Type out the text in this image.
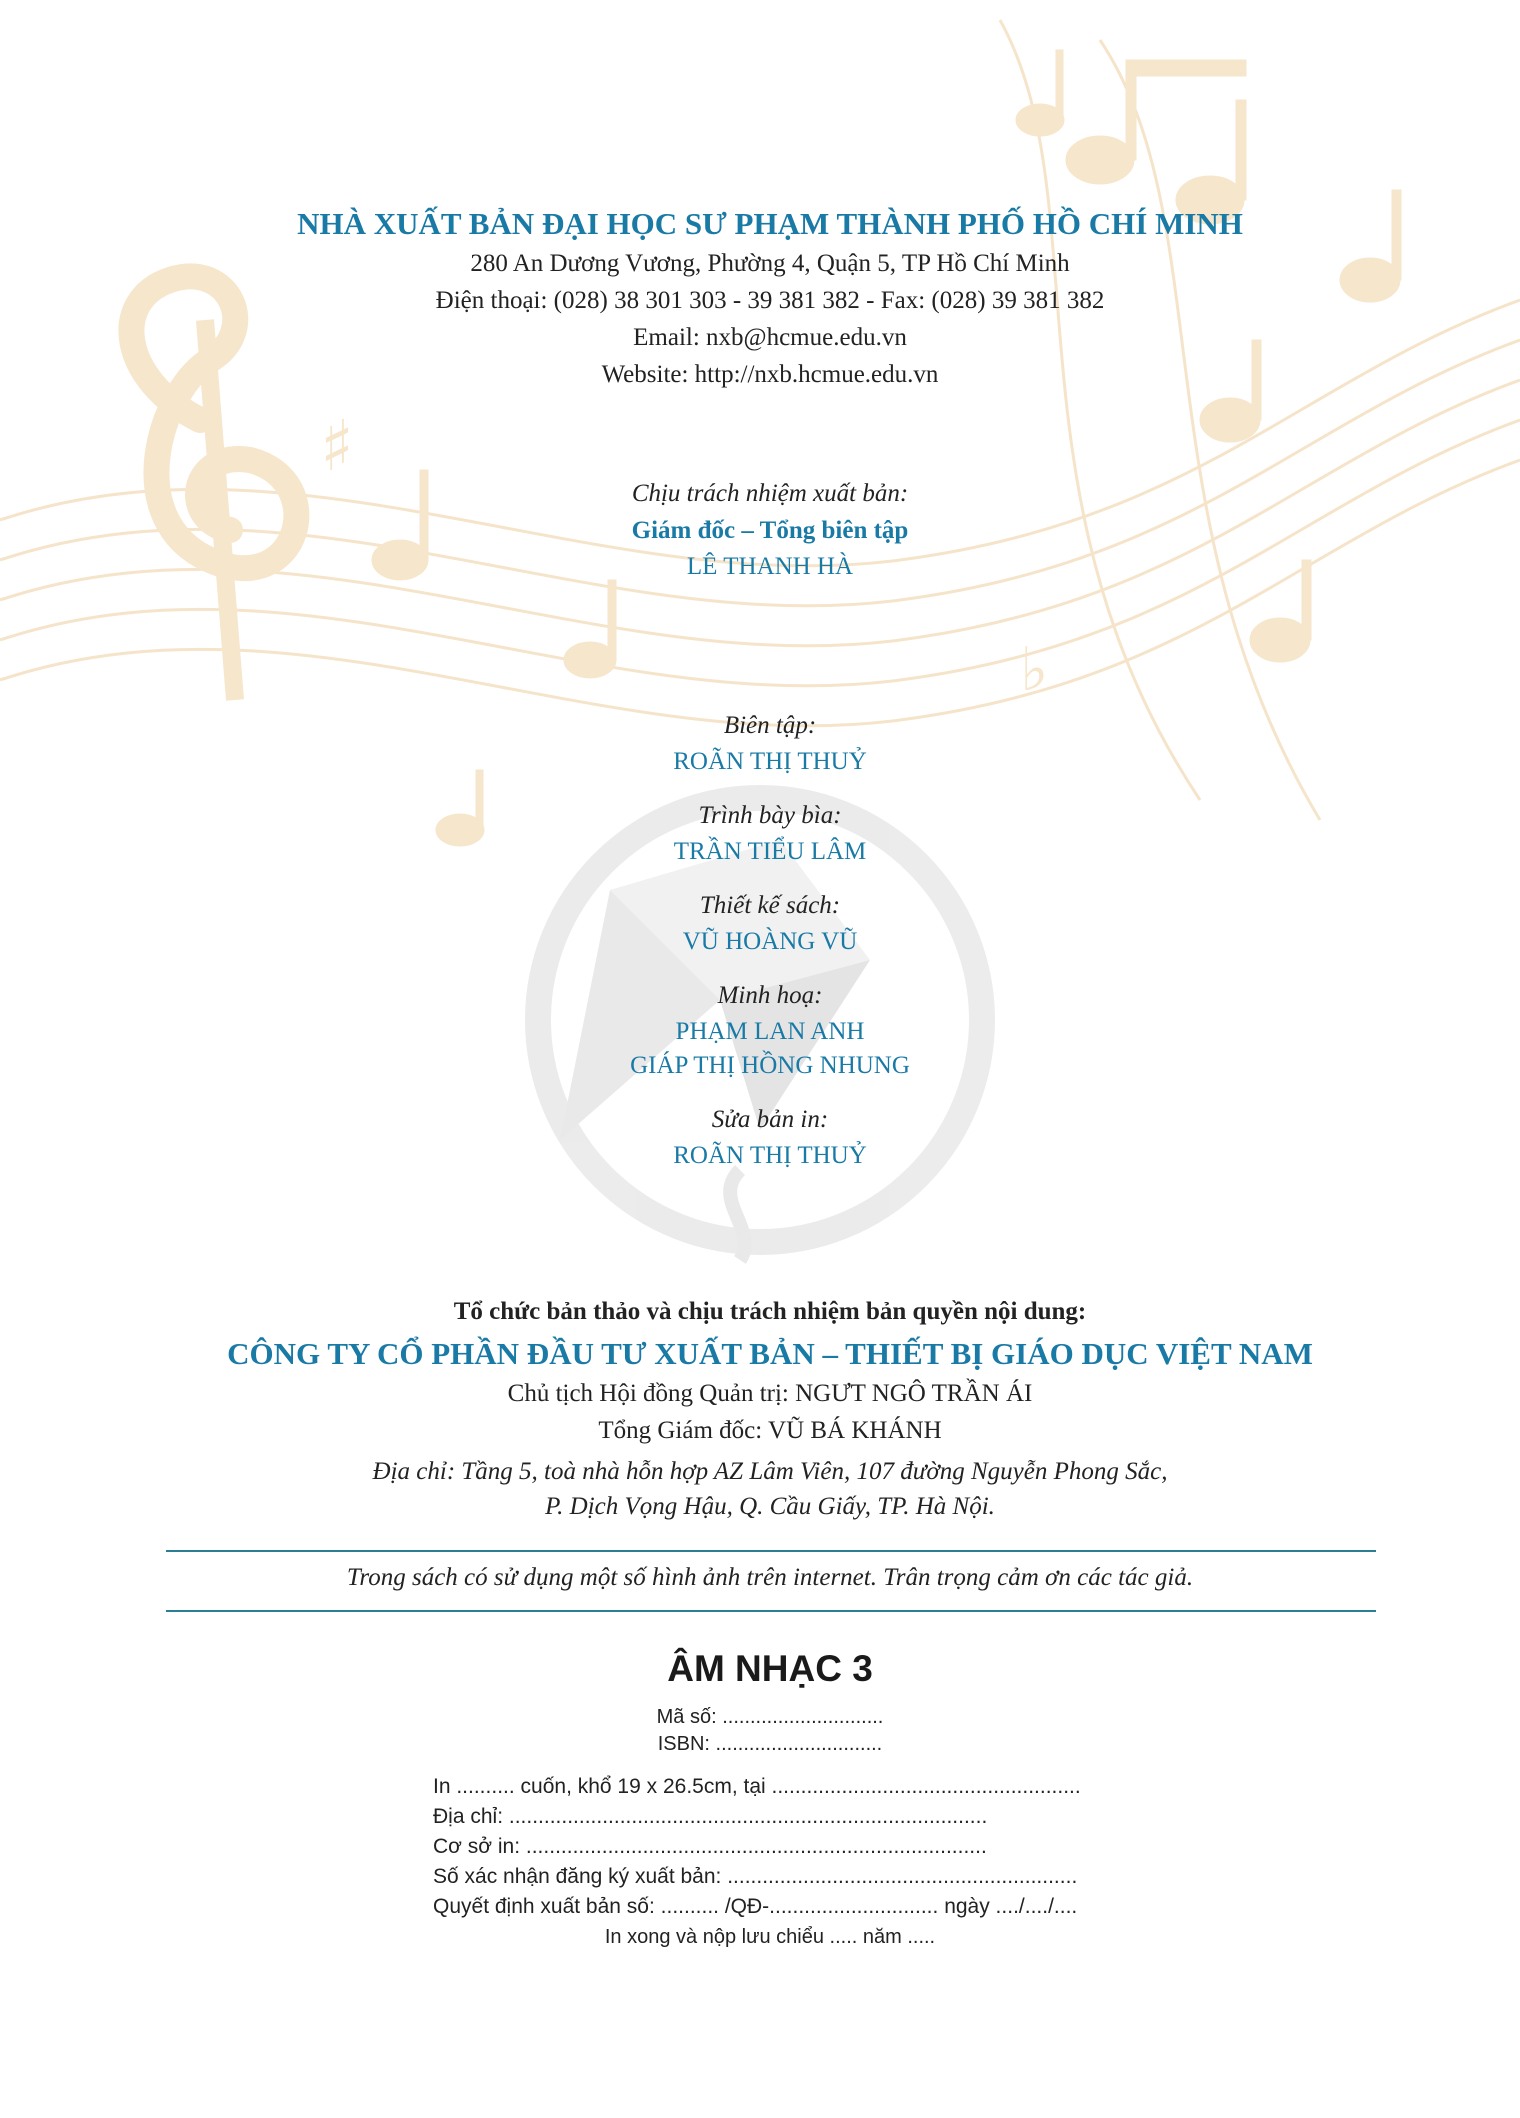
♯
♭
NHÀ XUẤT BẢN ĐẠI HỌC SƯ PHẠM THÀNH PHỐ HỒ CHÍ MINH
280 An Dương Vương, Phường 4, Quận 5, TP Hồ Chí Minh
Điện thoại: (028) 38 301 303 - 39 381 382 - Fax: (028) 39 381 382
Email: nxb@hcmue.edu.vn
Website: http://nxb.hcmue.edu.vn
Chịu trách nhiệm xuất bản:
Giám đốc – Tổng biên tập
LÊ THANH HÀ
Biên tập:
ROÃN THỊ THUỶ
Trình bày bìa:
TRẦN TIỂU LÂM
Thiết kế sách:
VŨ HOÀNG VŨ
Minh hoạ:
PHẠM LAN ANH
GIÁP THỊ HỒNG NHUNG
Sửa bản in:
ROÃN THỊ THUỶ
Tổ chức bản thảo và chịu trách nhiệm bản quyền nội dung:
CÔNG TY CỔ PHẦN ĐẦU TƯ XUẤT BẢN – THIẾT BỊ GIÁO DỤC VIỆT NAM
Chủ tịch Hội đồng Quản trị: NGƯT NGÔ TRẦN ÁI
Tổng Giám đốc: VŨ BÁ KHÁNH
Địa chỉ: Tầng 5, toà nhà hỗn hợp AZ Lâm Viên, 107 đường Nguyễn Phong Sắc,
P. Dịch Vọng Hậu, Q. Cầu Giấy, TP. Hà Nội.
Trong sách có sử dụng một số hình ảnh trên internet. Trân trọng cảm ơn các tác giả.
ÂM NHẠC 3
Mã số: .............................
ISBN: ..............................
In .......... cuốn, khổ 19 x 26.5cm, tại .....................................................
Địa chỉ: ..................................................................................
Cơ sở in: ...............................................................................
Số xác nhận đăng ký xuất bản: ............................................................
Quyết định xuất bản số: .......... /QĐ-............................. ngày ..../..../....
In xong và nộp lưu chiểu ..... năm .....
